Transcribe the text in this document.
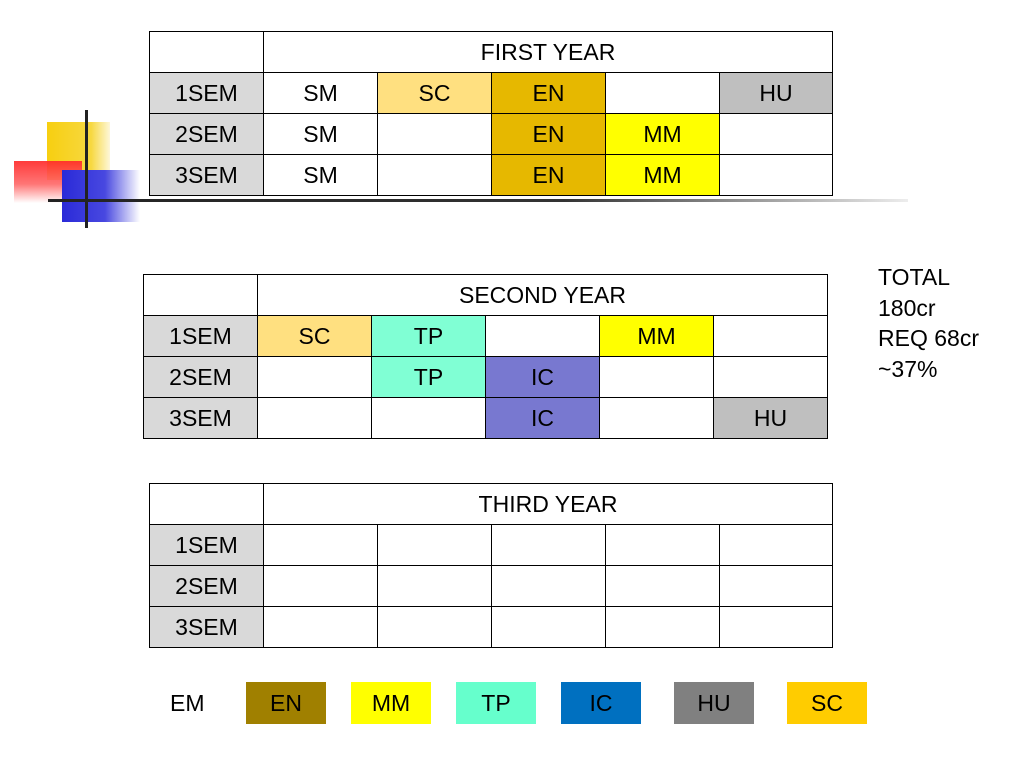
	FIRST YEAR				
1SEM	SM	SC	EN		HU
2SEM	SM		EN	MM	
3SEM	SM		EN	MM	
	SECOND YEAR				
1SEM	SC	TP		MM	
2SEM		TP	IC		
3SEM			IC		HU
	THIRD YEAR				
1SEM					
2SEM					
3SEM					
TOTAL
180cr
REQ 68cr
~37%
EM	EN	MM	TP	IC	HU	SC
